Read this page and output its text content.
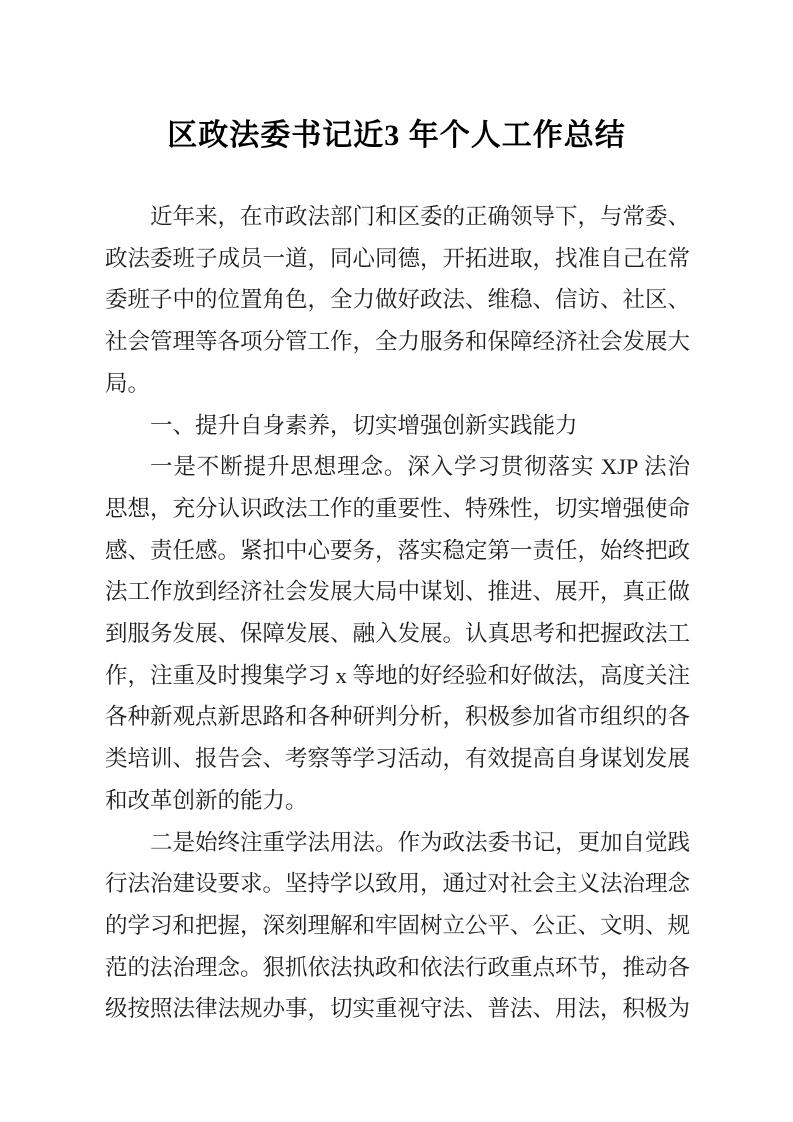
区政法委书记近3 年个人工作总结

近年来，在市政法部门和区委的正确领导下，与常委、政法委班子成员一道，同心同德，开拓进取，找准自己在常委班子中的位置角色，全力做好政法、维稳、信访、社区、社会管理等各项分管工作，全力服务和保障经济社会发展大局。

一、提升自身素养，切实增强创新实践能力

一是不断提升思想理念。深入学习贯彻落实 XJP 法治思想，充分认识政法工作的重要性、特殊性，切实增强使命感、责任感。紧扣中心要务，落实稳定第一责任，始终把政法工作放到经济社会发展大局中谋划、推进、展开，真正做到服务发展、保障发展、融入发展。认真思考和把握政法工作，注重及时搜集学习 x 等地的好经验和好做法，高度关注各种新观点新思路和各种研判分析，积极参加省市组织的各类培训、报告会、考察等学习活动，有效提高自身谋划发展和改革创新的能力。

二是始终注重学法用法。作为政法委书记，更加自觉践行法治建设要求。坚持学以致用，通过对社会主义法治理念的学习和把握，深刻理解和牢固树立公平、公正、文明、规范的法治理念。狠抓依法执政和依法行政重点环节，推动各级按照法律法规办事，切实重视守法、普法、用法，积极为
